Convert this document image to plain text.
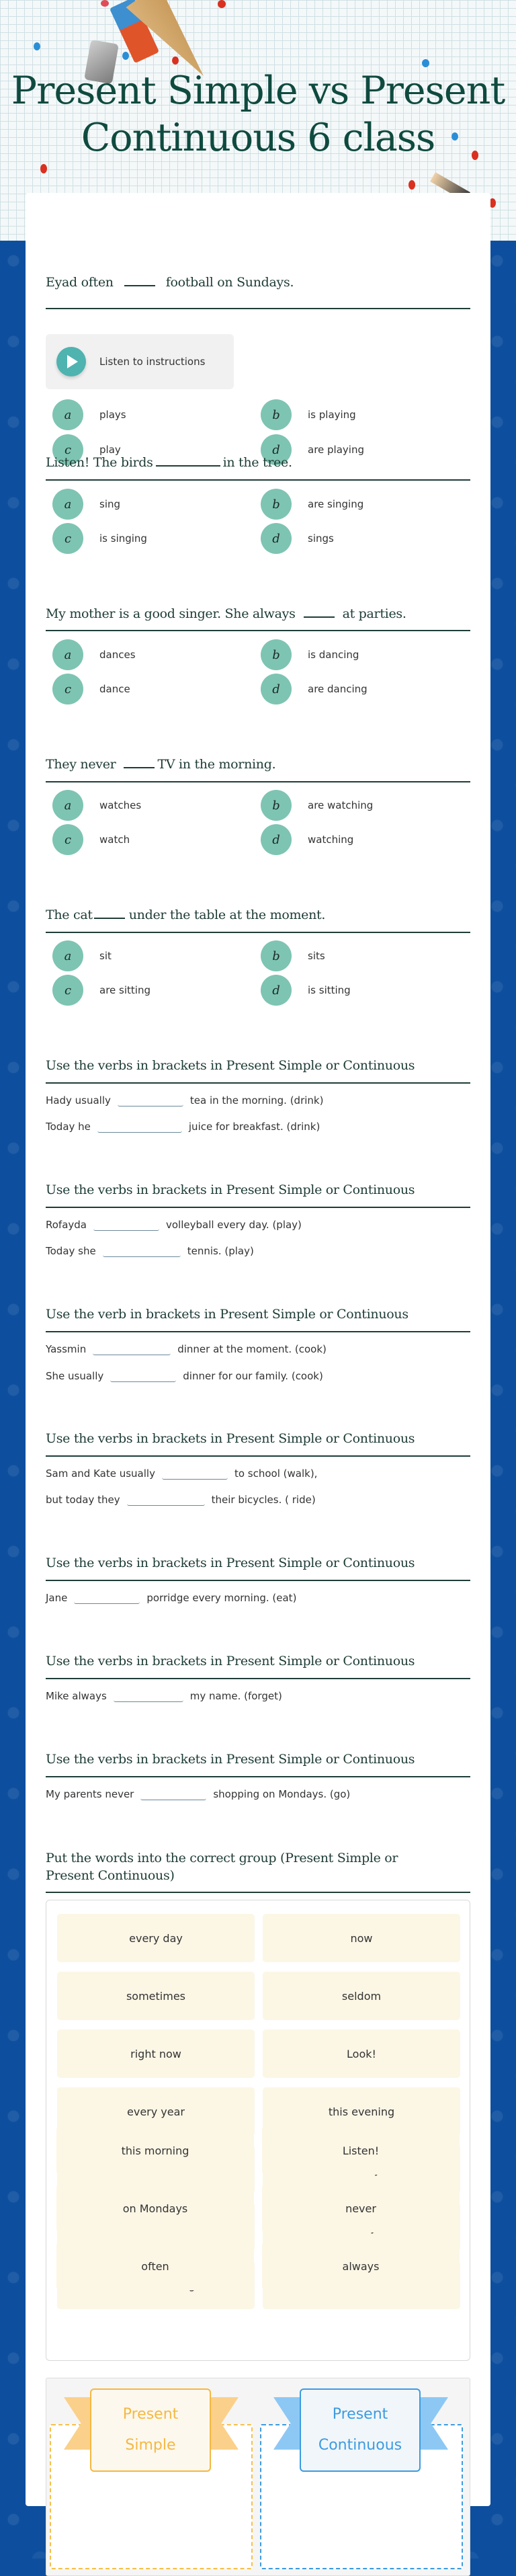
Present Simple vs Present
Continuous 6 class
Eyad often	football on Sundays.
Listen to instructions
a	plays	b	is playing
c	play	d	are playing
Listen! The birds	in the tree.
a	sing	b	are singing
c	is singing	d	sings
My mother is a good singer. She always	at parties.
a	dances	b	is dancing
c	dance	d	are dancing
They never	TV in the morning.
a	watches	b	are watching
c	watch	d	watching
The cat	under the table at the moment.
a	sit	b	sits
c	are sitting	d	is sitting
Use the verbs in brackets in Present Simple or Continuous
Hady usually	tea in the morning. (drink)
Today he	juice for breakfast. (drink)
Use the verbs in brackets in Present Simple or Continuous
Rofayda	volleyball every day. (play)
Today she	tennis. (play)
Use the verb in brackets in Present Simple or Continuous
Yassmin	dinner at the moment. (cook)
She usually	dinner for our family. (cook)
Use the verbs in brackets in Present Simple or Continuous
Sam and Kate usually	to school (walk),
but today they	their bicycles. ( ride)
Use the verbs in brackets in Present Simple or Continuous
Jane	porridge every morning. (eat)
Use the verbs in brackets in Present Simple or Continuous
Mike always	my name. (forget)
Use the verbs in brackets in Present Simple or Continuous
My parents never	shopping on Mondays. (go)
Put the words into the correct group (Present Simple or
Present Continuous)
every day	now
sometimes	seldom
right now	Look!
every year	this evening
Present
Simple
Present
Continuous
this morning	Listen!
on Mondays	never
often	always
